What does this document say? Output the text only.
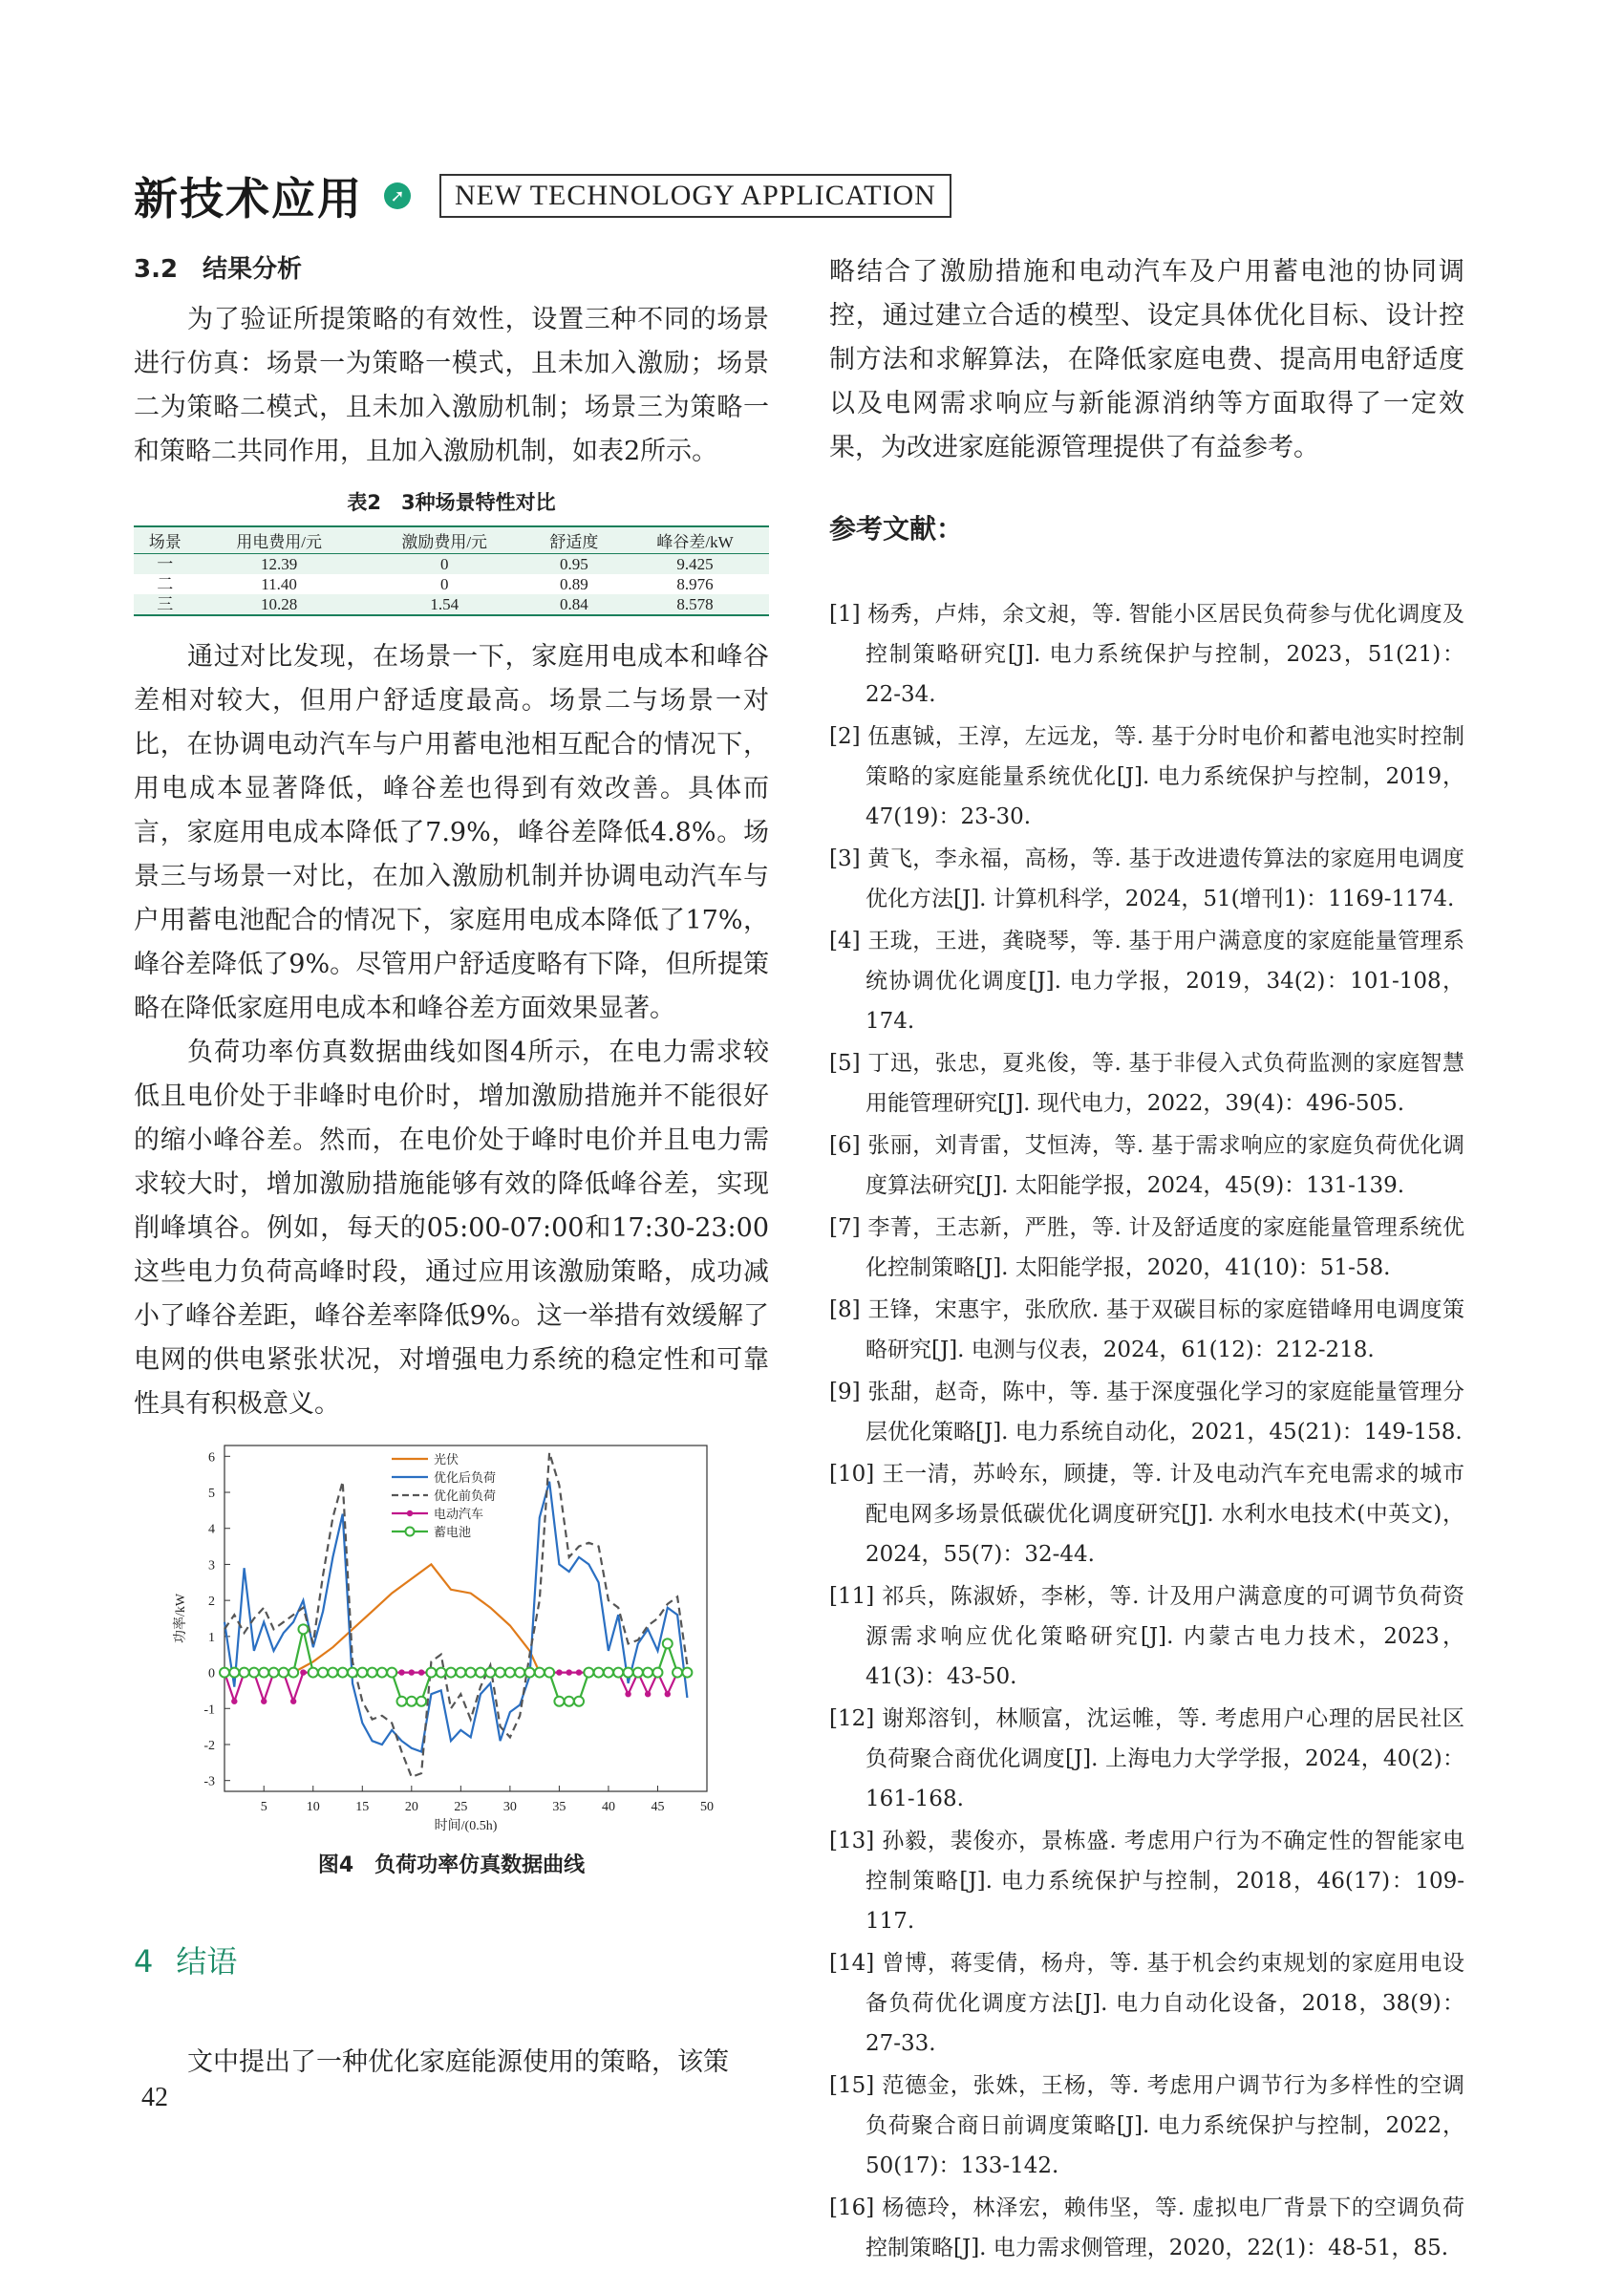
新技术应用	➚	NEW TECHNOLOGY APPLICATION
3.2　结果分析

为了验证所提策略的有效性，设置三种不同的场景进行仿真：场景一为策略一模式，且未加入激励；场景二为策略二模式，且未加入激励机制；场景三为策略一和策略二共同作用，且加入激励机制，如表2所示。

表2　3种场景特性对比
场景	用电费用/元	激励费用/元	舒适度	峰谷差/kW
一	12.39	0	0.95	9.425
二	11.40	0	0.89	8.976
三	10.28	1.54	0.84	8.578

通过对比发现，在场景一下，家庭用电成本和峰谷差相对较大，但用户舒适度最高。场景二与场景一对比，在协调电动汽车与户用蓄电池相互配合的情况下，用电成本显著降低，峰谷差也得到有效改善。具体而言，家庭用电成本降低了7.9%，峰谷差降低4.8%。场景三与场景一对比，在加入激励机制并协调电动汽车与户用蓄电池配合的情况下，家庭用电成本降低了17%，峰谷差降低了9%。尽管用户舒适度略有下降，但所提策略在降低家庭用电成本和峰谷差方面效果显著。

负荷功率仿真数据曲线如图4所示，在电力需求较低且电价处于非峰时电价时，增加激励措施并不能很好的缩小峰谷差。然而，在电价处于峰时电价并且电力需求较大时，增加激励措施能够有效的降低峰谷差，实现削峰填谷。例如，每天的05:00-07:00和17:30-23:00这些电力负荷高峰时段，通过应用该激励策略，成功减小了峰谷差距，峰谷差率降低9%。这一举措有效缓解了电网的供电紧张状况，对增强电力系统的稳定性和可靠性具有积极意义。

-3
-2
-1
0
1
2
3
4
5
6
5	10	15	20	25	30	35	40	45	50
时间/(0.5h)
功率/kW
光伏
优化后负荷
优化前负荷
电动汽车
蓄电池
图4　负荷功率仿真数据曲线
4 结语

文中提出了一种优化家庭能源使用的策略，该策

略结合了激励措施和电动汽车及户用蓄电池的协同调控，通过建立合适的模型、设定具体优化目标、设计控制方法和求解算法，在降低家庭电费、提高用电舒适度以及电网需求响应与新能源消纳等方面取得了一定效果，为改进家庭能源管理提供了有益参考。

参考文献：
[1] 杨秀，卢炜，余文昶，等. 智能小区居民负荷参与优化调度及控制策略研究[J]. 电力系统保护与控制，2023，51(21)：22-34.
[2] 伍惠铖，王淳，左远龙，等. 基于分时电价和蓄电池实时控制策略的家庭能量系统优化[J]. 电力系统保护与控制，2019，47(19)：23-30.
[3] 黄飞，李永福，高杨，等. 基于改进遗传算法的家庭用电调度优化方法[J]. 计算机科学，2024，51(增刊1)：1169-1174.
[4] 王珑，王进，龚晓琴，等. 基于用户满意度的家庭能量管理系统协调优化调度[J]. 电力学报，2019，34(2)：101-108，174.
[5] 丁迅，张忠，夏兆俊，等. 基于非侵入式负荷监测的家庭智慧用能管理研究[J]. 现代电力，2022，39(4)：496-505.
[6] 张丽，刘青雷，艾恒涛，等. 基于需求响应的家庭负荷优化调度算法研究[J]. 太阳能学报，2024，45(9)：131-139.
[7] 李菁，王志新，严胜，等. 计及舒适度的家庭能量管理系统优化控制策略[J]. 太阳能学报，2020，41(10)：51-58.
[8] 王锋，宋惠宇，张欣欣. 基于双碳目标的家庭错峰用电调度策略研究[J]. 电测与仪表，2024，61(12)：212-218.
[9] 张甜，赵奇，陈中，等. 基于深度强化学习的家庭能量管理分层优化策略[J]. 电力系统自动化，2021，45(21)：149-158.
[10] 王一清，苏岭东，顾捷，等. 计及电动汽车充电需求的城市配电网多场景低碳优化调度研究[J]. 水利水电技术(中英文)，2024，55(7)：32-44.
[11] 祁兵，陈淑娇，李彬，等. 计及用户满意度的可调节负荷资源需求响应优化策略研究[J]. 内蒙古电力技术，2023，41(3)：43-50.
[12] 谢郑溶钊，林顺富，沈运帷，等. 考虑用户心理的居民社区负荷聚合商优化调度[J]. 上海电力大学学报，2024，40(2)：161-168.
[13] 孙毅，裴俊亦，景栋盛. 考虑用户行为不确定性的智能家电控制策略[J]. 电力系统保护与控制，2018，46(17)：109-117.
[14] 曾博，蒋雯倩，杨舟，等. 基于机会约束规划的家庭用电设备负荷优化调度方法[J]. 电力自动化设备，2018，38(9)：27-33.
[15] 范德金，张姝，王杨，等. 考虑用户调节行为多样性的空调负荷聚合商日前调度策略[J]. 电力系统保护与控制，2022，50(17)：133-142.
[16] 杨德玲，林泽宏，赖伟坚，等. 虚拟电厂背景下的空调负荷控制策略[J]. 电力需求侧管理，2020，22(1)：48-51，85.
42
